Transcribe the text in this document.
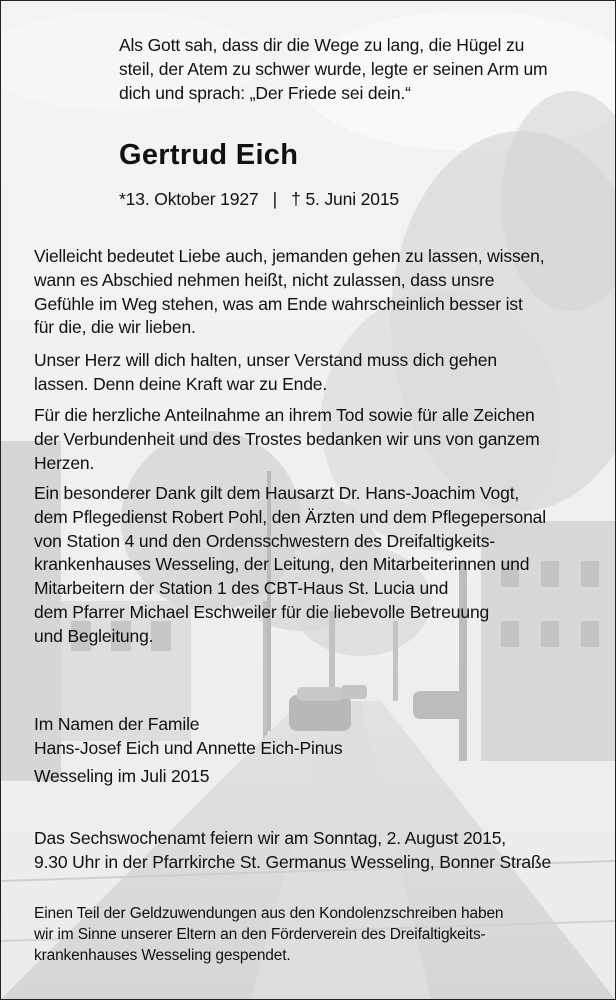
Als Gott sah, dass dir die Wege zu lang, die Hügel zu
steil, der Atem zu schwer wurde, legte er seinen Arm um
dich und sprach: „Der Friede sei dein.“

Gertrud Eich

*13. Oktober 1927   |   † 5. Juni 2015

Vielleicht bedeutet Liebe auch, jemanden gehen zu lassen, wissen,
wann es Abschied nehmen heißt, nicht zulassen, dass unsre
Gefühle im Weg stehen, was am Ende wahrscheinlich besser ist
für die, die wir lieben.

Unser Herz will dich halten, unser Verstand muss dich gehen
lassen. Denn deine Kraft war zu Ende.

Für die herzliche Anteilnahme an ihrem Tod sowie für alle Zeichen
der Verbundenheit und des Trostes bedanken wir uns von ganzem
Herzen.

Ein besonderer Dank gilt dem Hausarzt Dr. Hans-Joachim Vogt,
dem Pflegedienst Robert Pohl, den Ärzten und dem Pflegepersonal
von Station 4 und den Ordensschwestern des Dreifaltigkeits-
krankenhauses Wesseling, der Leitung, den Mitarbeiterinnen und
Mitarbeitern der Station 1 des CBT-Haus St. Lucia und
dem Pfarrer Michael Eschweiler für die liebevolle Betreuung
und Begleitung.

Im Namen der Famile
Hans-Josef Eich und Annette Eich-Pinus

Wesseling im Juli 2015

Das Sechswochenamt feiern wir am Sonntag, 2. August 2015,
9.30 Uhr in der Pfarrkirche St. Germanus Wesseling, Bonner Straße

Einen Teil der Geldzuwendungen aus den Kondolenzschreiben haben
wir im Sinne unserer Eltern an den Förderverein des Dreifaltigkeits-
krankenhauses Wesseling gespendet.
